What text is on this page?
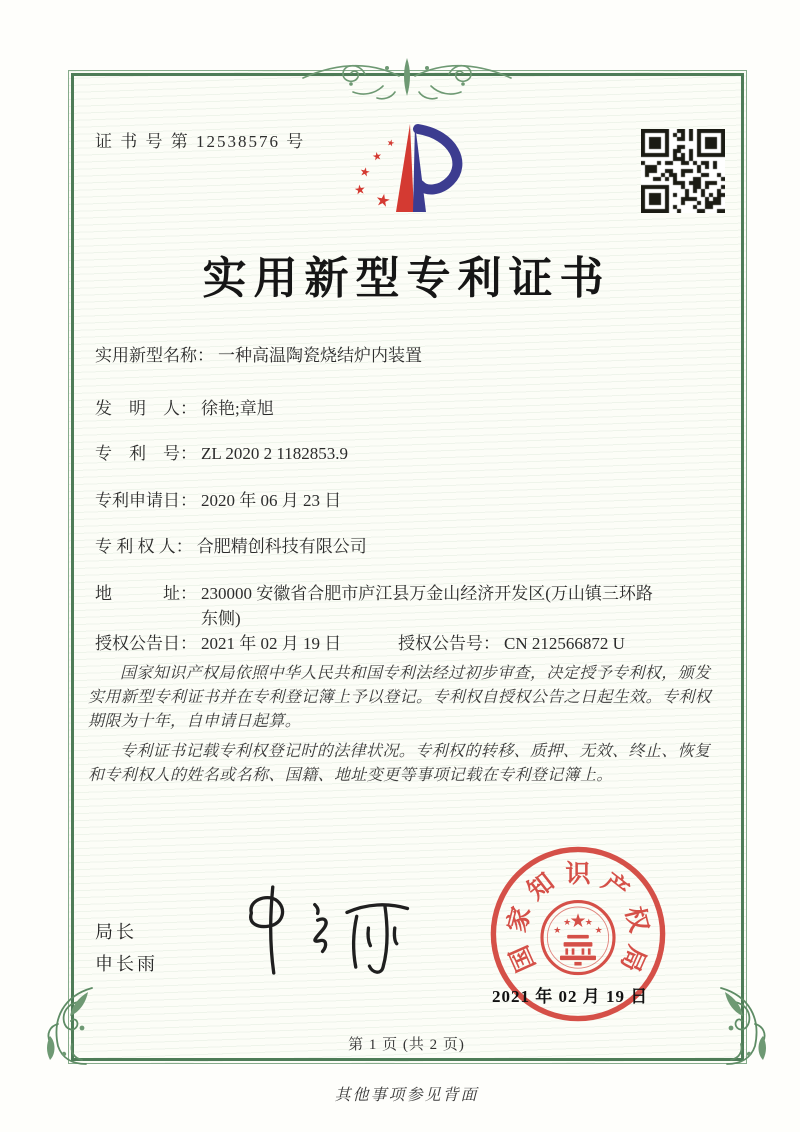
证 书 号 第 12538576 号	★
★
★
★
★
实用新型专利证书
实用新型名称： 一种高温陶瓷烧结炉内装置
发　明　人： 徐艳;章旭
专　利　号： ZL 2020 2 1182853.9
专利申请日： 2020 年 06 月 23 日
专 利 权 人： 合肥精创科技有限公司
地　　　址： 230000 安徽省合肥市庐江县万金山经济开发区(万山镇三环路东侧)
授权公告日： 2021 年 02 月 19 日	授权公告号： CN 212566872 U

国家知识产权局依照中华人民共和国专利法经过初步审查，决定授予专利权，颁发实用新型专利证书并在专利登记簿上予以登记。专利权自授权公告之日起生效。专利权期限为十年，自申请日起算。

专利证书记载专利权登记时的法律状况。专利权的转移、质押、无效、终止、恢复和专利权人的姓名或名称、国籍、地址变更等事项记载在专利登记簿上。

局长
申长雨	国
家
知 识 产
权
局
★
★
★ ★
★
2021 年 02 月 19 日
第 1 页 (共 2 页)
其他事项参见背面
